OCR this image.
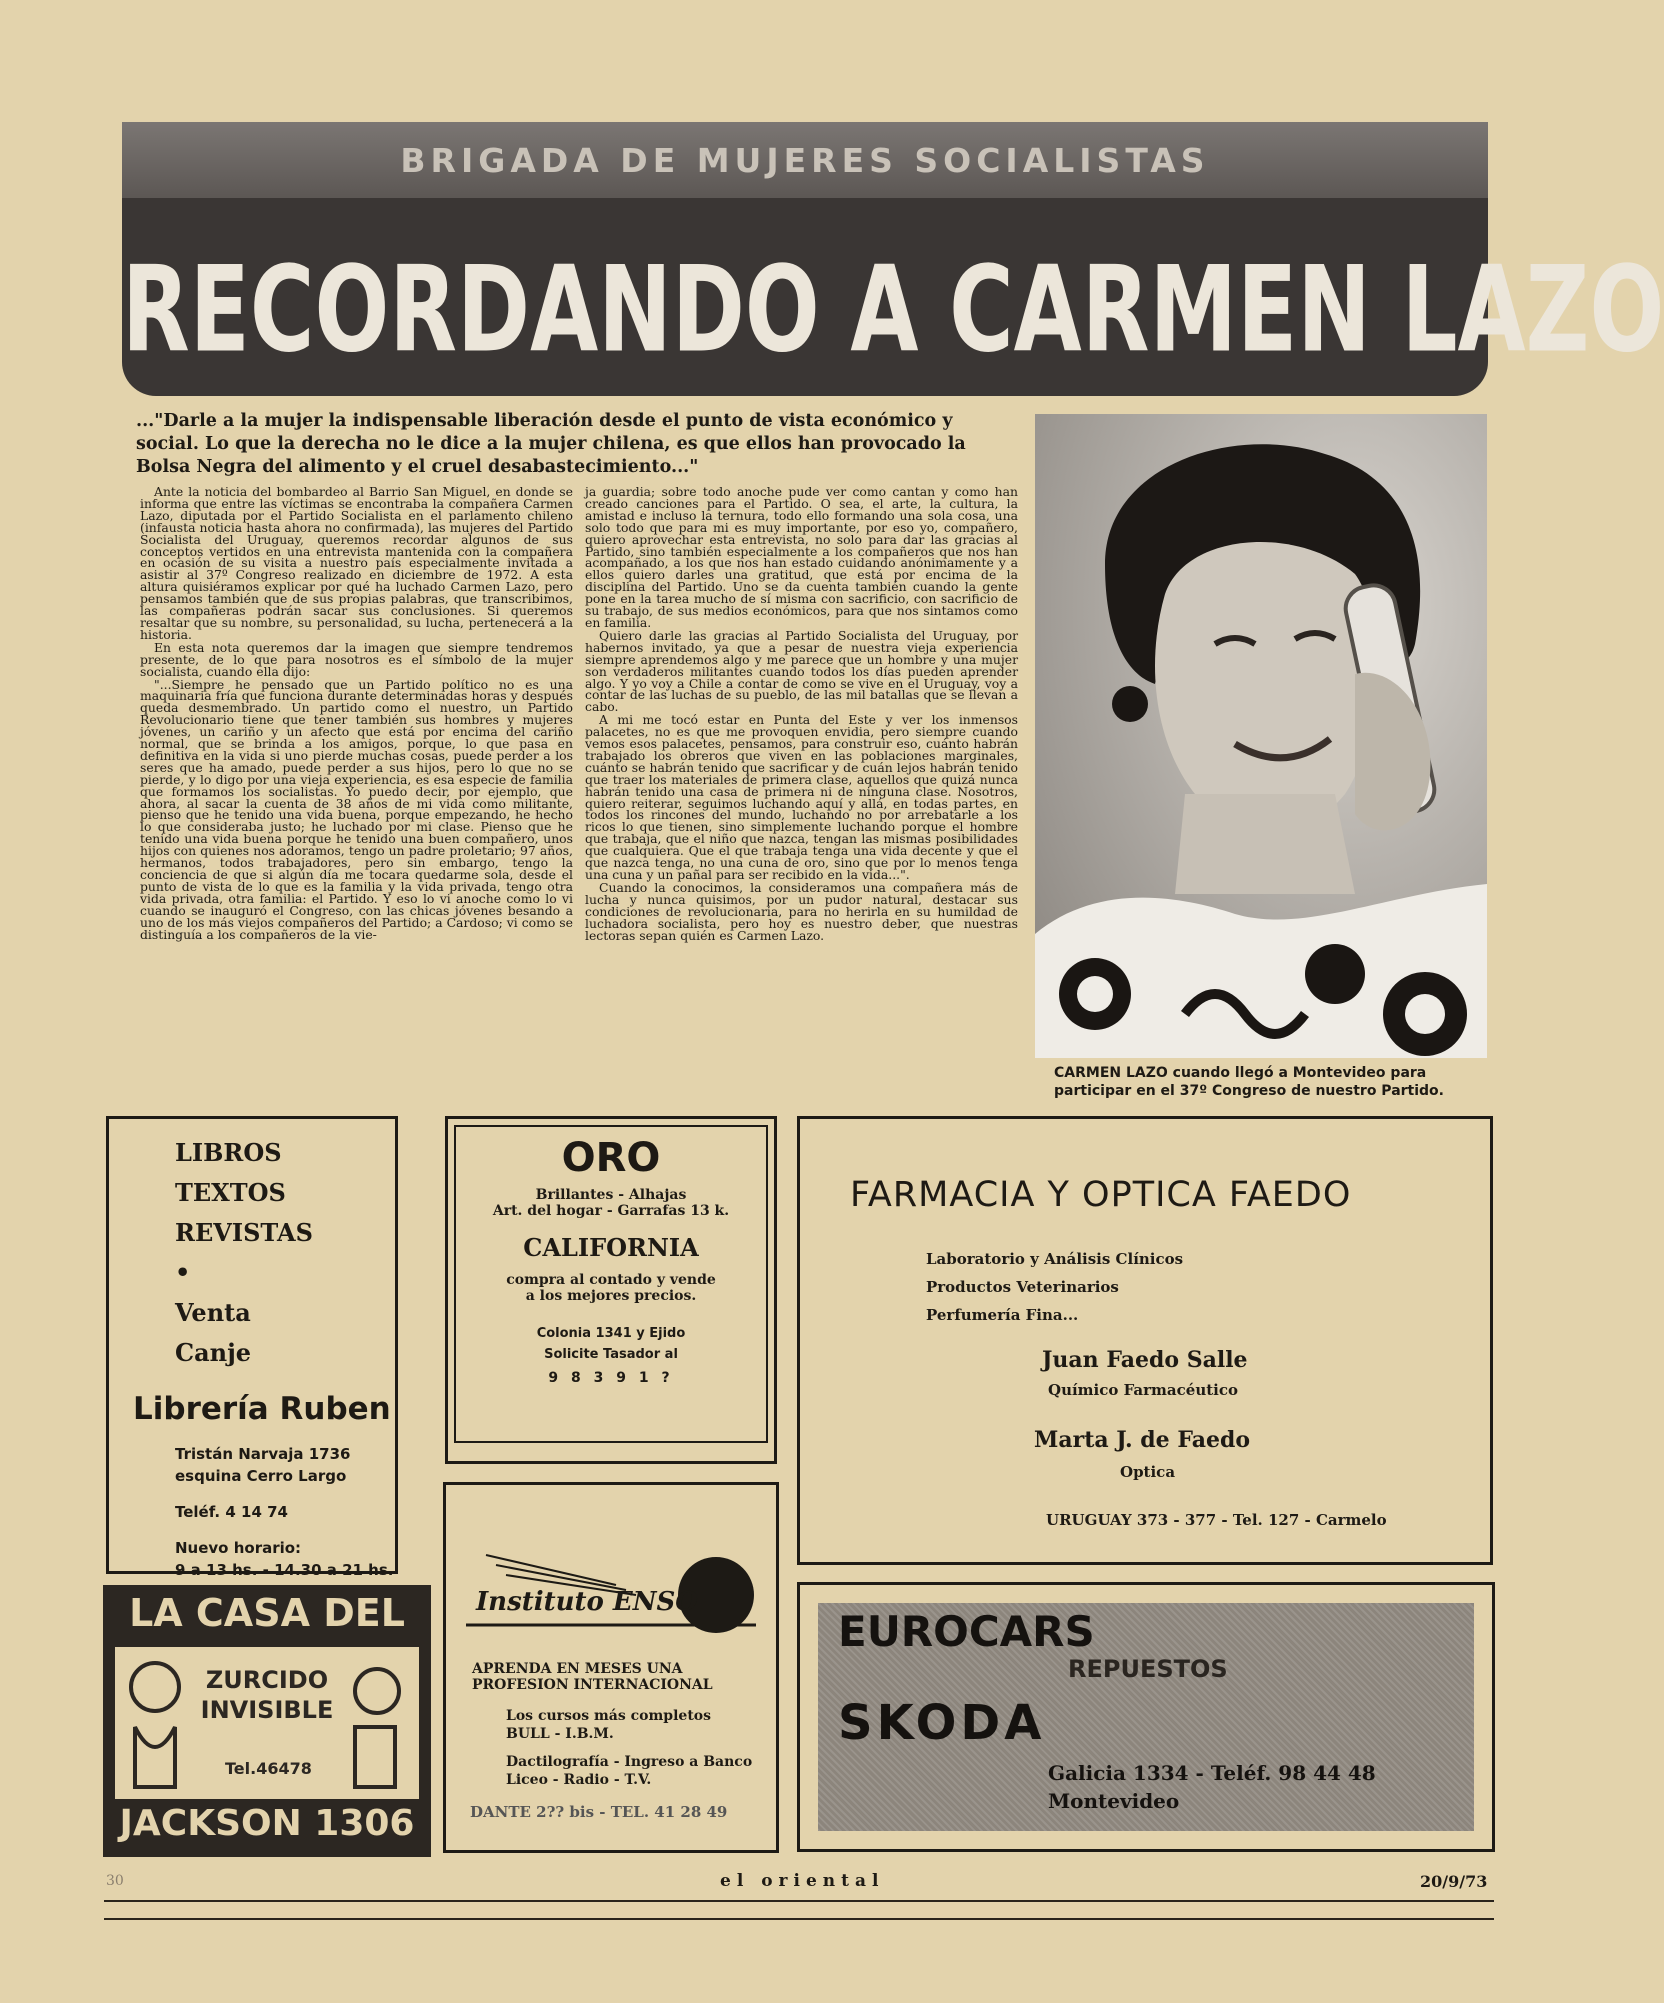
BRIGADA DE MUJERES SOCIALISTAS
RECORDANDO A CARMEN LAZO
..."Darle a la mujer la indispensable liberación desde el punto de vista económico y social. Lo que la derecha no le dice a la mujer chilena, es que ellos han provocado la Bolsa Negra del alimento y el cruel desabastecimiento..."

Ante la noticia del bombardeo al Barrio San Miguel, en donde se informa que entre las víctimas se encontraba la compañera Carmen Lazo, diputada por el Partido Socialista en el parlamento chileno (infausta noticia hasta ahora no confirmada), las mujeres del Partido Socialista del Uruguay, queremos recordar algunos de sus conceptos vertidos en una entrevista mantenida con la compañera en ocasión de su visita a nuestro país especialmente invitada a asistir al 37º Congreso realizado en diciembre de 1972. A esta altura quisiéramos explicar por qué ha luchado Carmen Lazo, pero pensamos también que de sus propias palabras, que transcribimos, las compañeras podrán sacar sus conclusiones. Si queremos resaltar que su nombre, su personalidad, su lucha, pertenecerá a la historia.

En esta nota queremos dar la imagen que siempre tendremos presente, de lo que para nosotros es el símbolo de la mujer socialista, cuando ella dijo:

"...Siempre he pensado que un Partido político no es una maquinaria fría que funciona durante determinadas horas y después queda desmembrado. Un partido como el nuestro, un Partido Revolucionario tiene que tener también sus hombres y mujeres jóvenes, un cariño y un afecto que está por encima del cariño normal, que se brinda a los amigos, porque, lo que pasa en definitiva en la vida si uno pierde muchas cosas, puede perder a los seres que ha amado, puede perder a sus hijos, pero lo que no se pierde, y lo digo por una vieja experiencia, es esa especie de familia que formamos los socialistas. Yo puedo decir, por ejemplo, que ahora, al sacar la cuenta de 38 años de mi vida como militante, pienso que he tenido una vida buena, porque empezando, he hecho lo que consideraba justo; he luchado por mi clase. Pienso que he tenido una vida buena porque he tenido una buen compañero, unos hijos con quienes nos adoramos, tengo un padre proletario; 97 años, hermanos, todos trabajadores, pero sin embargo, tengo la conciencia de que si algún día me tocara quedarme sola, desde el punto de vista de lo que es la familia y la vida privada, tengo otra vida privada, otra familia: el Partido. Y eso lo vi anoche como lo vi cuando se inauguró el Congreso, con las chicas jóvenes besando a uno de los más viejos compañeros del Partido; a Cardoso; vi como se distinguía a los compañeros de la vie-

ja guardia; sobre todo anoche pude ver como cantan y como han creado canciones para el Partido. O sea, el arte, la cultura, la amistad e incluso la ternura, todo ello formando una sola cosa, una solo todo que para mi es muy importante, por eso yo, compañero, quiero aprovechar esta entrevista, no solo para dar las gracias al Partido, sino también especialmente a los compañeros que nos han acompañado, a los que nos han estado cuidando anónimamente y a ellos quiero darles una gratitud, que está por encima de la disciplina del Partido. Uno se da cuenta también cuando la gente pone en la tarea mucho de sí misma con sacrificio, con sacrificio de su trabajo, de sus medios económicos, para que nos sintamos como en familia.

Quiero darle las gracias al Partido Socialista del Uruguay, por habernos invitado, ya que a pesar de nuestra vieja experiencia siempre aprendemos algo y me parece que un hombre y una mujer son verdaderos militantes cuando todos los días pueden aprender algo. Y yo voy a Chile a contar de como se vive en el Uruguay, voy a contar de las luchas de su pueblo, de las mil batallas que se llevan a cabo.

A mi me tocó estar en Punta del Este y ver los inmensos palacetes, no es que me provoquen envidia, pero siempre cuando vemos esos palacetes, pensamos, para construir eso, cuánto habrán trabajado los obreros que viven en las poblaciones marginales, cuánto se habrán tenido que sacrificar y de cuán lejos habrán tenido que traer los materiales de primera clase, aquellos que quizá nunca habrán tenido una casa de primera ni de ninguna clase. Nosotros, quiero reiterar, seguimos luchando aquí y allá, en todas partes, en todos los rincones del mundo, luchando no por arrebatarle a los ricos lo que tienen, sino simplemente luchando porque el hombre que trabaja, que el niño que nazca, tengan las mismas posibilidades que cualquiera. Que el que trabaja tenga una vida decente y que el que nazca tenga, no una cuna de oro, sino que por lo menos tenga una cuna y un pañal para ser recibido en la vida...".

Cuando la conocimos, la consideramos una compañera más de lucha y nunca quisimos, por un pudor natural, destacar sus condiciones de revolucionaria, para no herirla en su humildad de luchadora socialista, pero hoy es nuestro deber, que nuestras lectoras sepan quién es Carmen Lazo.

CARMEN LAZO cuando llegó a Montevideo para participar en el 37º Congreso de nuestro Partido.
LIBROS
TEXTOS
REVISTAS
•
Venta
Canje
Librería Ruben
Tristán Narvaja 1736
esquina Cerro Largo
Teléf. 4 14 74
Nuevo horario:
9 a 13 hs. - 14.30 a 21 hs.
ORO
Brillantes - Alhajas
Art. del hogar - Garrafas 13 k.
CALIFORNIA
compra al contado y vende
a los mejores precios.
Colonia 1341 y Ejido
Solicite Tasador al
9 8 3 9 1 ?
Instituto ENSO
APRENDA EN MESES UNA
PROFESION INTERNACIONAL
Los cursos más completos
BULL - I.B.M.
Dactilografía - Ingreso a Banco
Liceo - Radio - T.V.
DANTE 2?? bis - TEL. 41 28 49
FARMACIA Y OPTICA FAEDO
Laboratorio y Análisis Clínicos
Productos Veterinarios
Perfumería Fina...
Juan Faedo Salle
Químico Farmacéutico
Marta J. de Faedo
Optica
URUGUAY 373 - 377 - Tel. 127 - Carmelo
EUROCARS
REPUESTOS
SKODA
Galicia 1334 - Teléf. 98 44 48
Montevideo
LA CASA DEL
ZURCIDO
INVISIBLE
Tel.46478
JACKSON 1306
30	el oriental	20/9/73
